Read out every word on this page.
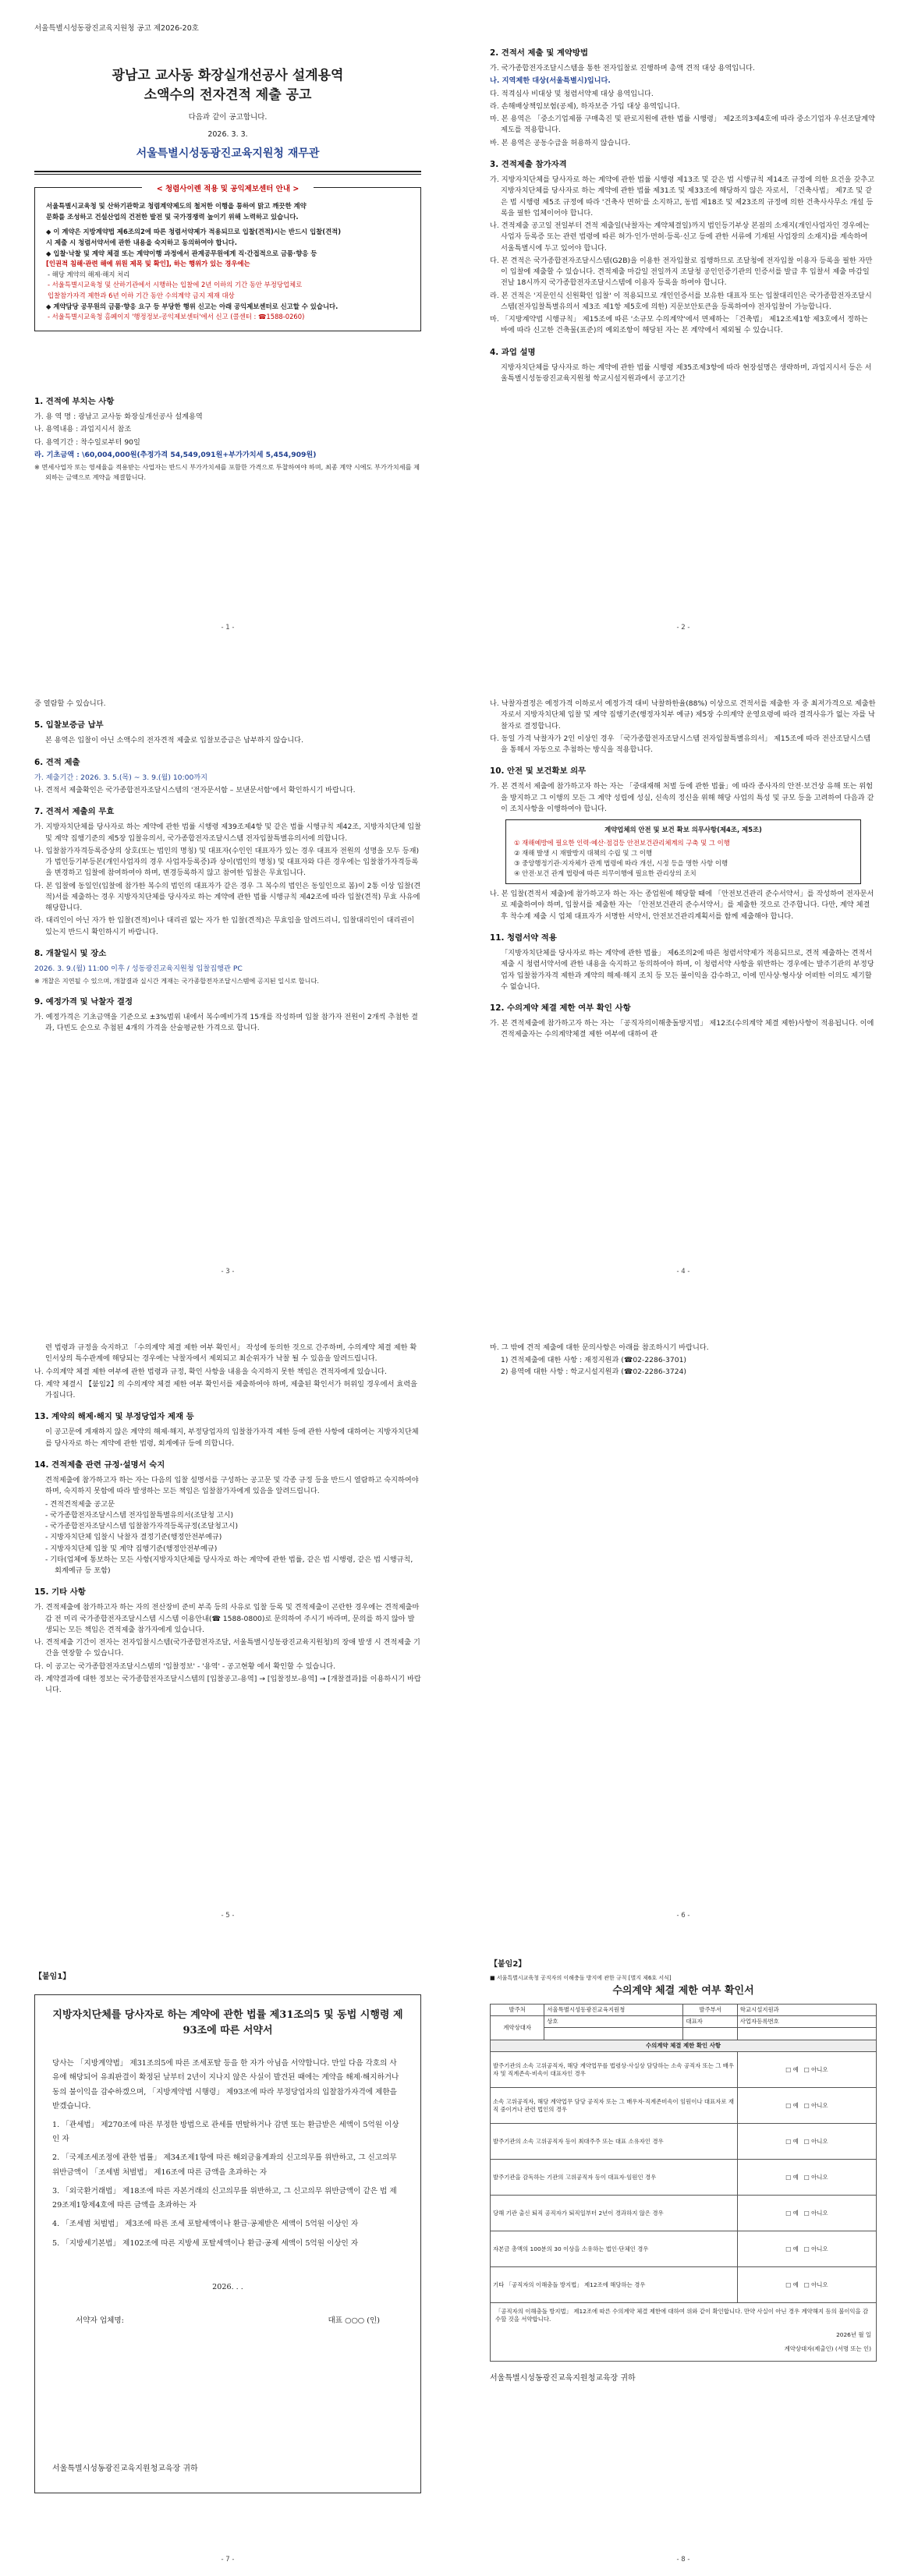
서울특별시성동광진교육지원청 공고 제2026-20호
광남고 교사동 화장실개선공사 설계용역
소액수의 전자견적 제출 공고
다음과 같이 공고합니다.
2026. 3. 3.
서울특별시성동광진교육지원청 재무관
< 청렴사이렌 적용 및 공익제보센터 안내 >
서울특별시교육청 및 산하기관학교 청렴계약제도의 철저한 이행을 통하여 맑고 깨끗한 계약
문화를 조성하고 건설산업의 건전한 발전 및 국가경쟁력 높이기 위해 노력하고 있습니다.
◆ 이 계약은 지방계약법 제6조의2에 따른 청렴서약제가 적용되므로 입찰(견적)시는 반드시 입찰(견적)
시 제출 시 청렴서약서에 관한 내용을 숙지하고 동의하여야 합니다.
◆ 입찰·낙찰 및 계약 체결 또는 계약이행 과정에서 관계공무원에게 직·간접적으로 금품·향응 등
[인권적 침해·관련 해예 위원 제목 및 확인], 하는 행위가 있는 경우에는
- 해당 계약의 해제·해지 처리
- 서울특별시교육청 및 산하기관에서 시행하는 입찰에 2년 이하의 기간 동안 부정당업체로
입찰참가자격 제한과 6년 이하 기간 동안 수의계약 금지 제재 대상
◆ 계약담당 공무원의 금품·향응 요구 등 부당한 행위 신고는 아래 공익제보센터로 신고할 수 있습니다.
- 서울특별시교육청 홈페이지 '행정정보-공익제보센터'에서 신고 (콜센터 : ☎1588-0260)
1. 견적에 부치는 사항
가. 용 역 명 : 광남고 교사동 화장실개선공사 설계용역
나. 용역내용 : 과업지시서 참조
다. 용역기간 : 착수일로부터 90일
라. 기초금액 : \60,004,000원(추정가격 54,549,091원+부가가치세 5,454,909원)
※ 면세사업자 또는 영세율을 적용받는 사업자는 반드시 부가가치세를 포함한 가격으로 투찰하여야 하며, 최종 계약 시에도 부가가치세를 제외하는 금액으로 계약을 체결합니다.
- 1 -
2. 견적서 제출 및 계약방법
가. 국가종합전자조달시스템을 통한 전자입찰로 진행하며 총액 견적 대상 용역입니다.
나. 지역제한 대상(서울특별시)입니다.
다. 적격심사 비대상 및 청렴서약제 대상 용역입니다.
라. 손해배상책임보험(공제), 하자보증 가입 대상 용역입니다.
마. 본 용역은 「중소기업제품 구매촉진 및 판로지원에 관한 법률 시행령」 제2조의3제4호에 따라 중소기업자 우선조달계약 제도를 적용합니다.
바. 본 용역은 공동수급을 허용하지 않습니다.
3. 견적제출 참가자격
가. 지방자치단체를 당사자로 하는 계약에 관한 법률 시행령 제13조 및 같은 법 시행규칙 제14조 규정에 의한 요건을 갖추고 지방자치단체를 당사자로 하는 계약에 관한 법률 제31조 및 제33조에 해당하지 않은 자로서, 「건축사법」 제7조 및 같은 법 시행령 제5조 규정에 따라 '건축사 면허'를 소지하고, 동법 제18조 및 제23조의 규정에 의한 건축사사무소 개설 등록을 필한 업체이어야 합니다.
나. 견적제출 공고일 전일부터 견적 제출일(낙찰자는 계약체결일)까지 법인등기부상 본점의 소재지(개인사업자인 경우에는 사업자 등록증 또는 관련 법령에 따른 허가·인가·면허·등록·신고 등에 관한 서류에 기재된 사업장의 소재지)를 계속하여 서울특별시에 두고 있어야 합니다.
다. 본 견적은 국가종합전자조달시스템(G2B)을 이용한 전자입찰로 집행하므로 조달청에 전자입찰 이용자 등록을 필한 자만이 입찰에 제출할 수 있습니다. 견적제출 마감일 전일까지 조달청 공인인증기관의 인증서를 발급 후 입찰서 제출 마감일 전날 18시까지 국가종합전자조달시스템에 이용자 등록을 하여야 합니다.
라. 본 건적은 '지문인식 신원확인 입찰' 이 적용되므로 개인인증서를 보유한 대표자 또는 입찰대리인은 국가종합전자조달시스템(전자입찰특별유의서 제3조 제1항 제5호에 의한) 지문보안토큰을 등록하여야 전자입찰이 가능합니다.
마. 「지방계약법 시행규칙」 제15조에 따른 '소규모 수의계약'에서 면제하는 「건축법」 제12조제1항 제3호에서 정하는 바에 따라 신고한 건축물(표준)의 예외조항이 해당된 자는 본 계약에서 제외될 수 있습니다.
4. 과업 설명
지방자치단체를 당사자로 하는 계약에 관한 법률 시행령 제35조제3항에 따라 현장설명은 생략하며, 과업지시서 등은 서울특별시성동광진교육지원청 학교시설지원과에서 공고기간
- 2 -
중 열람할 수 있습니다.
5. 입찰보증금 납부
본 용역은 입찰이 아닌 소액수의 전자견적 제출로 입찰보증금은 납부하지 않습니다.
6. 견적 제출
가. 제출기간 : 2026. 3. 5.(목) ~ 3. 9.(월) 10:00까지
나. 견적서 제출확인은 국가종합전자조달시스템의 '전자문서함 – 보낸문서함'에서 확인하시기 바랍니다.
7. 견적서 제출의 무효
가. 지방자치단체를 당사자로 하는 계약에 관한 법률 시행령 제39조제4항 및 같은 법률 시행규칙 제42조, 지방자치단체 입찰 및 계약 집행기준의 제5장 입찰유의서, 국가종합전자조달시스템 전자입찰특별유의서에 의합니다.
나. 입찰참가자격등록증상의 상호(또는 법인의 명칭) 및 대표자(수인인 대표자가 있는 경우 대표자 전원의 성명을 모두 등재)가 법인등기부등본(개인사업자의 경우 사업자등록증)과 상이(법인의 명칭) 및 대표자와 다른 경우에는 입찰참가자격등록을 변경하고 입찰에 참여하여야 하며, 변경등록하지 않고 참여한 입찰은 무효입니다.
다. 본 입찰에 동일인(입찰에 참가한 복수의 법인의 대표자가 같은 경우 그 복수의 법인은 동일인으로 봄)이 2통 이상 입찰(견적)서를 제출하는 경우 지방자치단체를 당사자로 하는 계약에 관한 법률 시행규칙 제42조에 따라 입찰(견적) 무효 사유에 해당합니다.
라. 대리인이 아닌 자가 한 입찰(견적)이나 대리권 없는 자가 한 입찰(견적)은 무효임을 알려드리니, 입찰대리인이 대리권이 있는지 반드시 확인하시기 바랍니다.
8. 개찰일시 및 장소
2026. 3. 9.(월) 11:00 이후 / 성동광진교육지원청 입찰집행관 PC
※ 개찰은 지연될 수 있으며, 개찰결과 실시간 게재는 국가종합전자조달시스템에 공지된 일시로 합니다.
9. 예정가격 및 낙찰자 결정
가. 예정가격은 기초금액을 기준으로 ±3%범위 내에서 복수예비가격 15개를 작성하며 입찰 참가자 전원이 2개씩 추첨한 결과, 다빈도 순으로 추첨된 4개의 가격을 산술평균한 가격으로 합니다.
- 3 -
나. 낙찰자결정은 예정가격 이하로서 예정가격 대비 낙찰하한율(88%) 이상으로 견적서를 제출한 자 중 최저가격으로 제출한 자로서 지방자치단체 입찰 및 계약 집행기준(행정자치부 예규) 제5장 수의계약 운영요령에 따라 결격사유가 없는 자를 낙찰자로 결정합니다.
다. 동일 가격 낙찰자가 2인 이상인 경우 「국가종합전자조달시스템 전자입찰특별유의서」 제15조에 따라 전산조달시스템을 통해서 자동으로 추첨하는 방식을 적용합니다.
10. 안전 및 보건확보 의무
가. 본 견적서 제출에 참가하고자 하는 자는 「중대재해 처벌 등에 관한 법률」에 따라 종사자의 안전·보건상 유해 또는 위험을 방지하고 그 이행의 모든 그 계약 성립에 성실, 신속의 정신을 위해 해당 사업의 특성 및 규모 등을 고려하여 다음과 같이 조치사항을 이행하여야 합니다.
계약업체의 안전 및 보건 확보 의무사항(제4조, 제5조)
① 재해예방에 필요한 인력·예산·점검등 안전보건관리체계의 구축 및 그 이행
② 재해 발생 시 재발방지 대책의 수립 및 그 이행
③ 중앙행정기관·지자체가 관계 법령에 따라 개선, 시정 등을 명한 사항 이행
④ 안전·보건 관계 법령에 따른 의무이행에 필요한 관리상의 조치
나. 본 입찰(견적서 제출)에 참가하고자 하는 자는 종업원에 해당할 때에 「안전보건관리 준수서약서」를 작성하여 전자문서로 제출하여야 하며, 입찰서를 제출한 자는 「안전보건관리 준수서약서」를 제출한 것으로 간주합니다. 다만, 계약 체결 후 착수계 제출 시 업체 대표자가 서명한 서약서, 안전보건관리계획서를 함께 제출해야 합니다.
11. 청렴서약 적용
「지방자치단체를 당사자로 하는 계약에 관한 법률」 제6조의2에 따른 청렴서약제가 적용되므로, 견적 제출하는 견적서 제출 시 청렴서약서에 관한 내용을 숙지하고 동의하여야 하며, 이 청렴서약 사항을 위반하는 경우에는 발주기관의 부정당업자 입찰참가자격 제한과 계약의 해제·해지 조치 등 모든 불이익을 감수하고, 이에 민사상·형사상 어떠한 이의도 제기할 수 없습니다.
12. 수의계약 체결 제한 여부 확인 사항
가. 본 견적제출에 참가하고자 하는 자는 「공직자의이해충돌방지법」 제12조(수의계약 체결 제한)사항이 적용됩니다. 이에 견적제출자는 수의계약체결 제한 여부에 대하여 관
- 4 -
련 법령과 규정을 숙지하고 「수의계약 체결 제한 여부 확인서」 작성에 동의한 것으로 간주하며, 수의계약 체결 제한 확인서상의 특수관계에 해당되는 경우에는 낙찰자에서 제외되고 최순위자가 낙찰 될 수 있음을 알려드립니다.
나. 수의계약 체결 제한 여부에 관한 법령과 규정, 확인 사항을 내용을 숙지하지 못한 책임은 견적자에게 있습니다.
다. 계약 체결시 【붙임2】의 수의계약 체결 제한 여부 확인서를 제출하여야 하며, 제출된 확인서가 허위일 경우에서 효력을 가집니다.
13. 계약의 해제·해지 및 부정당업자 제재 등
이 공고문에 게재하지 않은 계약의 해제·해지, 부정당업자의 입찰참가자격 제한 등에 관한 사항에 대하여는 지방자치단체를 당사자로 하는 계약에 관한 법령, 회계예규 등에 의합니다.
14. 견적제출 관련 규정·설명서 숙지
견적제출에 참가하고자 하는 자는 다음의 입찰 설명서를 구성하는 공고문 및 각종 규정 등을 반드시 열람하고 숙지하여야 하며, 숙지하지 못함에 따라 발생하는 모든 책임은 입찰참가자에게 있음을 알려드립니다.
- 견적견적제출 공고문
- 국가종합전자조달시스템 전자입찰특별유의서(조달청 고시)
- 국가종합전자조달시스템 입찰참가자격등록규정(조달청고시)
- 지방자치단체 입찰시 낙찰자 결정기준(행정안전부예규)
- 지방자치단체 입찰 및 계약 집행기준(행정안전부예규)
- 기타(업체에 통보하는 모든 사항(지방자치단체를 당사자로 하는 계약에 관한 법률, 같은 법 시행령, 같은 법 시행규칙, 회계예규 등 포함)
15. 기타 사항
가. 견적제출에 참가하고자 하는 자의 전산장비 준비 부족 등의 사유로 입찰 등록 및 견적제출이 곤란한 경우에는 견적제출마감 전 미리 국가종합전자조달시스템 시스템 이용안내(☎ 1588-0800)로 문의하여 주시기 바라며, 문의를 하지 않아 발생되는 모든 책임은 견적제출 참가자에게 있습니다.
나. 견적제출 기간이 전자는 전자입찰시스템(국가종합전자조달, 서울특별시성동광진교육지원청)의 장애 발생 시 견적제출 기간을 연장할 수 있습니다.
다. 이 공고는 국가종합전자조달시스템의 '입찰정보' - '용역' - 공고현황 에서 확인할 수 있습니다.
라. 계약결과에 대한 정보는 국가종합전자조달시스템의 [입찰공고-용역] → [입찰정보-용역] → [개찰결과]를 이용하시기 바랍니다.
- 5 -
마. 그 밖에 견적 제출에 대한 문의사항은 아래를 참조하시기 바랍니다.
1) 견적제출에 대한 사항 : 재정지원과 (☎02-2286-3701)
2) 용역에 대한 사항 : 학교시설지원과 (☎02-2286-3724)
- 6 -
【붙임1】
지방자치단체를 당사자로 하는 계약에 관한 법률 제31조의5 및 동법 시행령 제93조에 따른 서약서

당사는 「지방계약법」 제31조의5에 따른 조세포탈 등을 한 자가 아님을 서약합니다. 만일 다음 각호의 사유에 해당되어 유죄판결이 확정된 날부터 2년이 지나지 않은 사실이 발견된 때에는 계약을 해제·해지하거나 동의 불이익을 감수하겠으며, 「지방계약법 시행령」 제93조에 따라 부정당업자의 입찰참가자격에 제한을 받겠습니다.

1. 「관세법」 제270조에 따른 부정한 방법으로 관세를 면탈하거나 감면 또는 환급받은 세액이 5억원 이상인 자

2. 「국제조세조정에 관한 법률」 제34조제1항에 따른 해외금융계좌의 신고의무를 위반하고, 그 신고의무 위반금액이 「조세범 처벌법」 제16조에 따른 금액을 초과하는 자

3. 「외국환거래법」 제18조에 따른 자본거래의 신고의무를 위반하고, 그 신고의무 위반금액이 같은 법 제29조제1항제4호에 따른 금액을 초과하는 자

4. 「조세범 처벌법」 제3조에 따른 조세 포탈세액이나 환급·공제받은 세액이 5억원 이상인 자

5. 「지방세기본법」 제102조에 따른 지방세 포탈세액이나 환급·공제 세액이 5억원 이상인 자

2026. . .
서약자 업체명:	대표 ○○○ (인)
서울특별시성동광진교육지원청교육장 귀하
- 7 -
【붙임2】
■ 서울특별시교육청 공직자의 이해충돌 방지에 관한 규칙 [별지 제6호 서식]
수의계약 체결 제한 여부 확인서
발주처	서울특별시성동광진교육지원청	발주부서	학교시설지원과
계약상대자	상호	대표자	사업자등록번호

수의계약 체결 제한 확인 사항			
발주기관의 소속 고위공직자, 해당 계약업무를 법령상·사실상 담당하는 소속 공직자 또는 그 배우자 및 직계존속·비속이 대표자인 경우			□ 예   □ 아니오
소속 고위공직자, 해당 계약업무 담당 공직자 또는 그 배우자·직계존비속이 임원이나 대표자로 재직 중이거나 관련 법인의 경우			□ 예   □ 아니오
발주기관의 소속 고위공직자 등이 최대주주 또는 대표 소유자인 경우			□ 예   □ 아니오
발주기관을 감독하는 기관의 고위공직자 등이 대표자·임원인 경우			□ 예   □ 아니오
당해 기관 출신 퇴직 공직자가 퇴직일부터 2년이 경과하지 않은 경우			□ 예   □ 아니오
자본금 총액의 100분의 30 이상을 소유하는 법인·단체인 경우			□ 예   □ 아니오
기타 「공직자의 이해충돌 방지법」 제12조에 해당하는 경우			□ 예   □ 아니오

「공직자의 이해충돌 방지법」 제12조에 따른 수의계약 체결 제한에 대하여 위와 같이 확인합니다. 만약 사실이 아닌 경우 계약해지 등의 불이익을 감수할 것을 서약합니다.
2026년 월 일
계약상대자(제출인) (서명 또는 인)			
서울특별시성동광진교육지원청교육장 귀하
- 8 -
